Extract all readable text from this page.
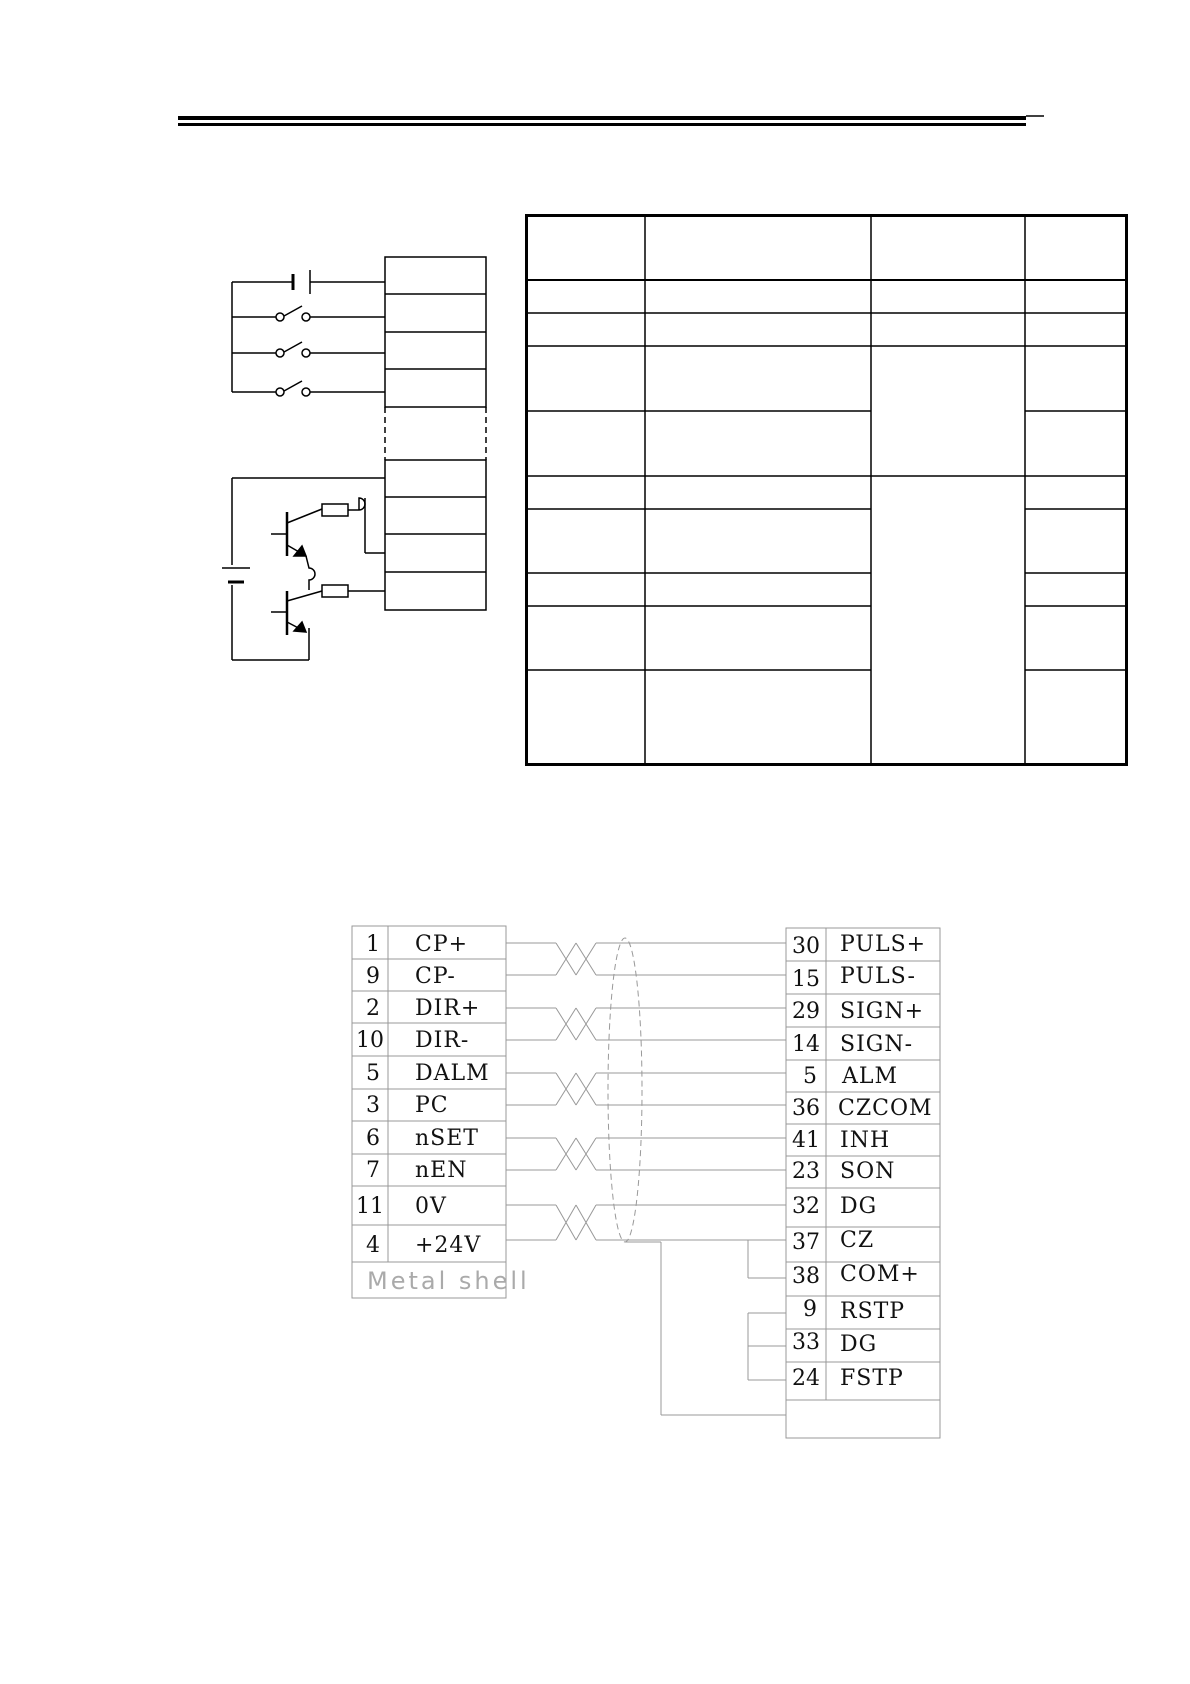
1 CP+
9 CP-
2 DIR+
10 DIR-
5 DALM
3 PC
6 nSET
7 nEN
11 0V
4 +24V
Metal shell
30 PULS+
15 PULS-
29 SIGN+
14 SIGN-
5 ALM
36 CZCOM
41 INH
23 SON
32 DG
37 CZ
38 COM+
9 RSTP
33 DG
24 FSTP
